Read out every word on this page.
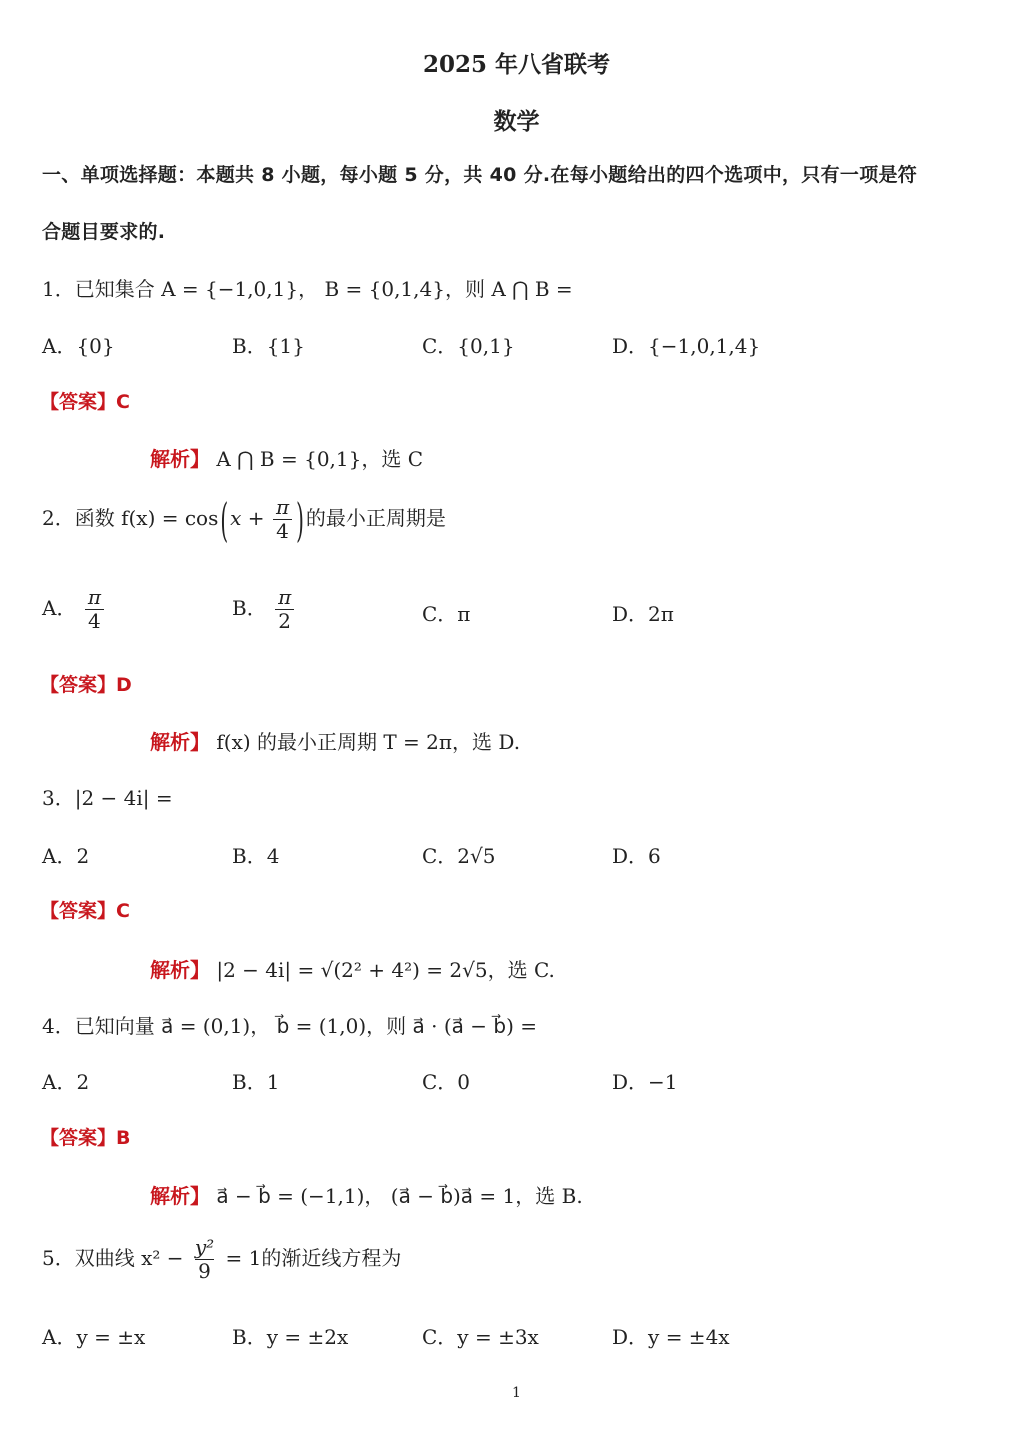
2025 年八省联考
数学
一、单项选择题：本题共 8 小题，每小题 5 分，共 40 分.在每小题给出的四个选项中，只有一项是符
合题目要求的.
1．已知集合 A = {−1,0,1}， B = {0,1,4}，则 A ⋂ B =
A．{0}	B．{1}	C．{0,1}	D．{−1,0,1,4}
【答案】C
解析】 A ⋂ B = {0,1}，选 C
2．函数 f(x) = cos ( $x + \frac{\pi}{4}$ ) 的最小正周期是
A． $\frac{\pi}{4}$	B． $\frac{\pi}{2}$	C．π	D．2π
【答案】D
解析】 f(x) 的最小正周期 T = 2π，选 D.
3．|2 − 4i| =
A．2	B．4	C．2√5	D．6
【答案】C
解析】 |2 − 4i| = √(2² + 4²) = 2√5，选 C.
4．已知向量 a⃗ = (0,1)， b⃗ = (1,0)，则 a⃗ · (a⃗ − b⃗) =
A．2	B．1	C．0	D．−1
【答案】B
解析】 a⃗ − b⃗ = (−1,1)， (a⃗ − b⃗)a⃗ = 1，选 B.
5．双曲线 $x^2 - \frac{\text{y²}}{9} = 1$的渐近线方程为
A．y = ±x	B．y = ±2x	C．y = ±3x	D．y = ±4x
1
